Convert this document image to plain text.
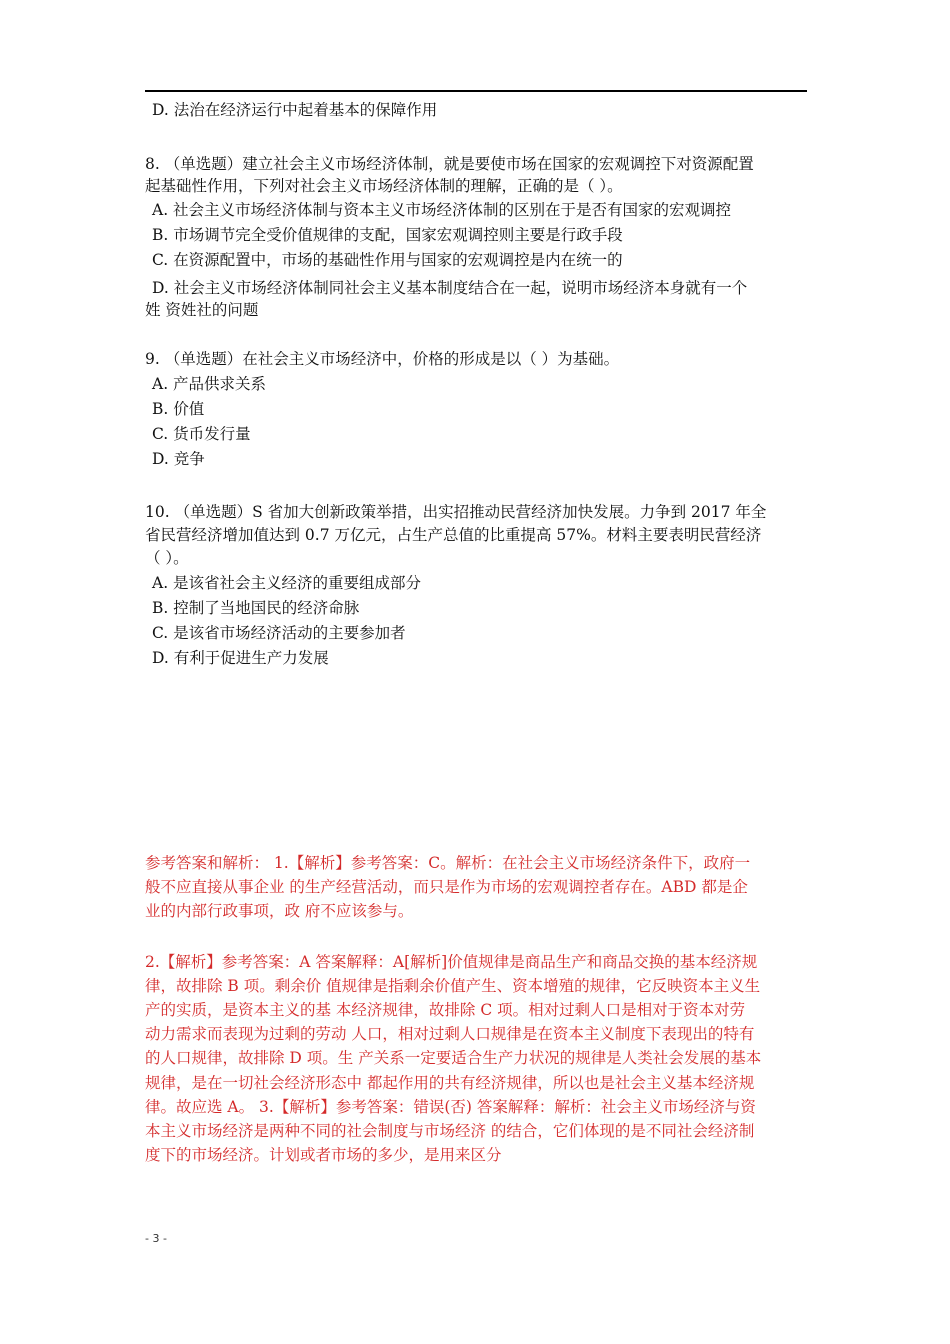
D. 法治在经济运行中起着基本的保障作用
8. （单选题）建立社会主义市场经济体制，就是要使市场在国家的宏观调控下对资源配置
起基础性作用，下列对社会主义市场经济体制的理解，正确的是（ ）。
A. 社会主义市场经济体制与资本主义市场经济体制的区别在于是否有国家的宏观调控
B. 市场调节完全受价值规律的支配，国家宏观调控则主要是行政手段
C. 在资源配置中，市场的基础性作用与国家的宏观调控是内在统一的
D. 社会主义市场经济体制同社会主义基本制度结合在一起，说明市场经济本身就有一个
姓 资姓社的问题
9. （单选题）在社会主义市场经济中，价格的形成是以（ ）为基础。
A. 产品供求关系
B. 价值
C. 货币发行量
D. 竞争
10. （单选题）S 省加大创新政策举措，出实招推动民营经济加快发展。力争到 2017 年全
省民营经济增加值达到 0.7 万亿元，占生产总值的比重提高 57%。材料主要表明民营经济
（ ）。
A. 是该省社会主义经济的重要组成部分
B. 控制了当地国民的经济命脉
C. 是该省市场经济活动的主要参加者
D. 有利于促进生产力发展
参考答案和解析： 1.【解析】参考答案：C。解析：在社会主义市场经济条件下，政府一
般不应直接从事企业 的生产经营活动，而只是作为市场的宏观调控者存在。ABD 都是企
业的内部行政事项，政 府不应该参与。
2.【解析】参考答案：A 答案解释：A[解析]价值规律是商品生产和商品交换的基本经济规
律，故排除 B 项。剩余价 值规律是指剩余价值产生、资本增殖的规律，它反映资本主义生
产的实质，是资本主义的基 本经济规律，故排除 C 项。相对过剩人口是相对于资本对劳
动力需求而表现为过剩的劳动 人口，相对过剩人口规律是在资本主义制度下表现出的特有
的人口规律，故排除 D 项。生 产关系一定要适合生产力状况的规律是人类社会发展的基本
规律，是在一切社会经济形态中 都起作用的共有经济规律，所以也是社会主义基本经济规
律。故应选 A。 3.【解析】参考答案：错误(否) 答案解释：解析：社会主义市场经济与资
本主义市场经济是两种不同的社会制度与市场经济 的结合，它们体现的是不同社会经济制
度下的市场经济。计划或者市场的多少，是用来区分
- 3 -
